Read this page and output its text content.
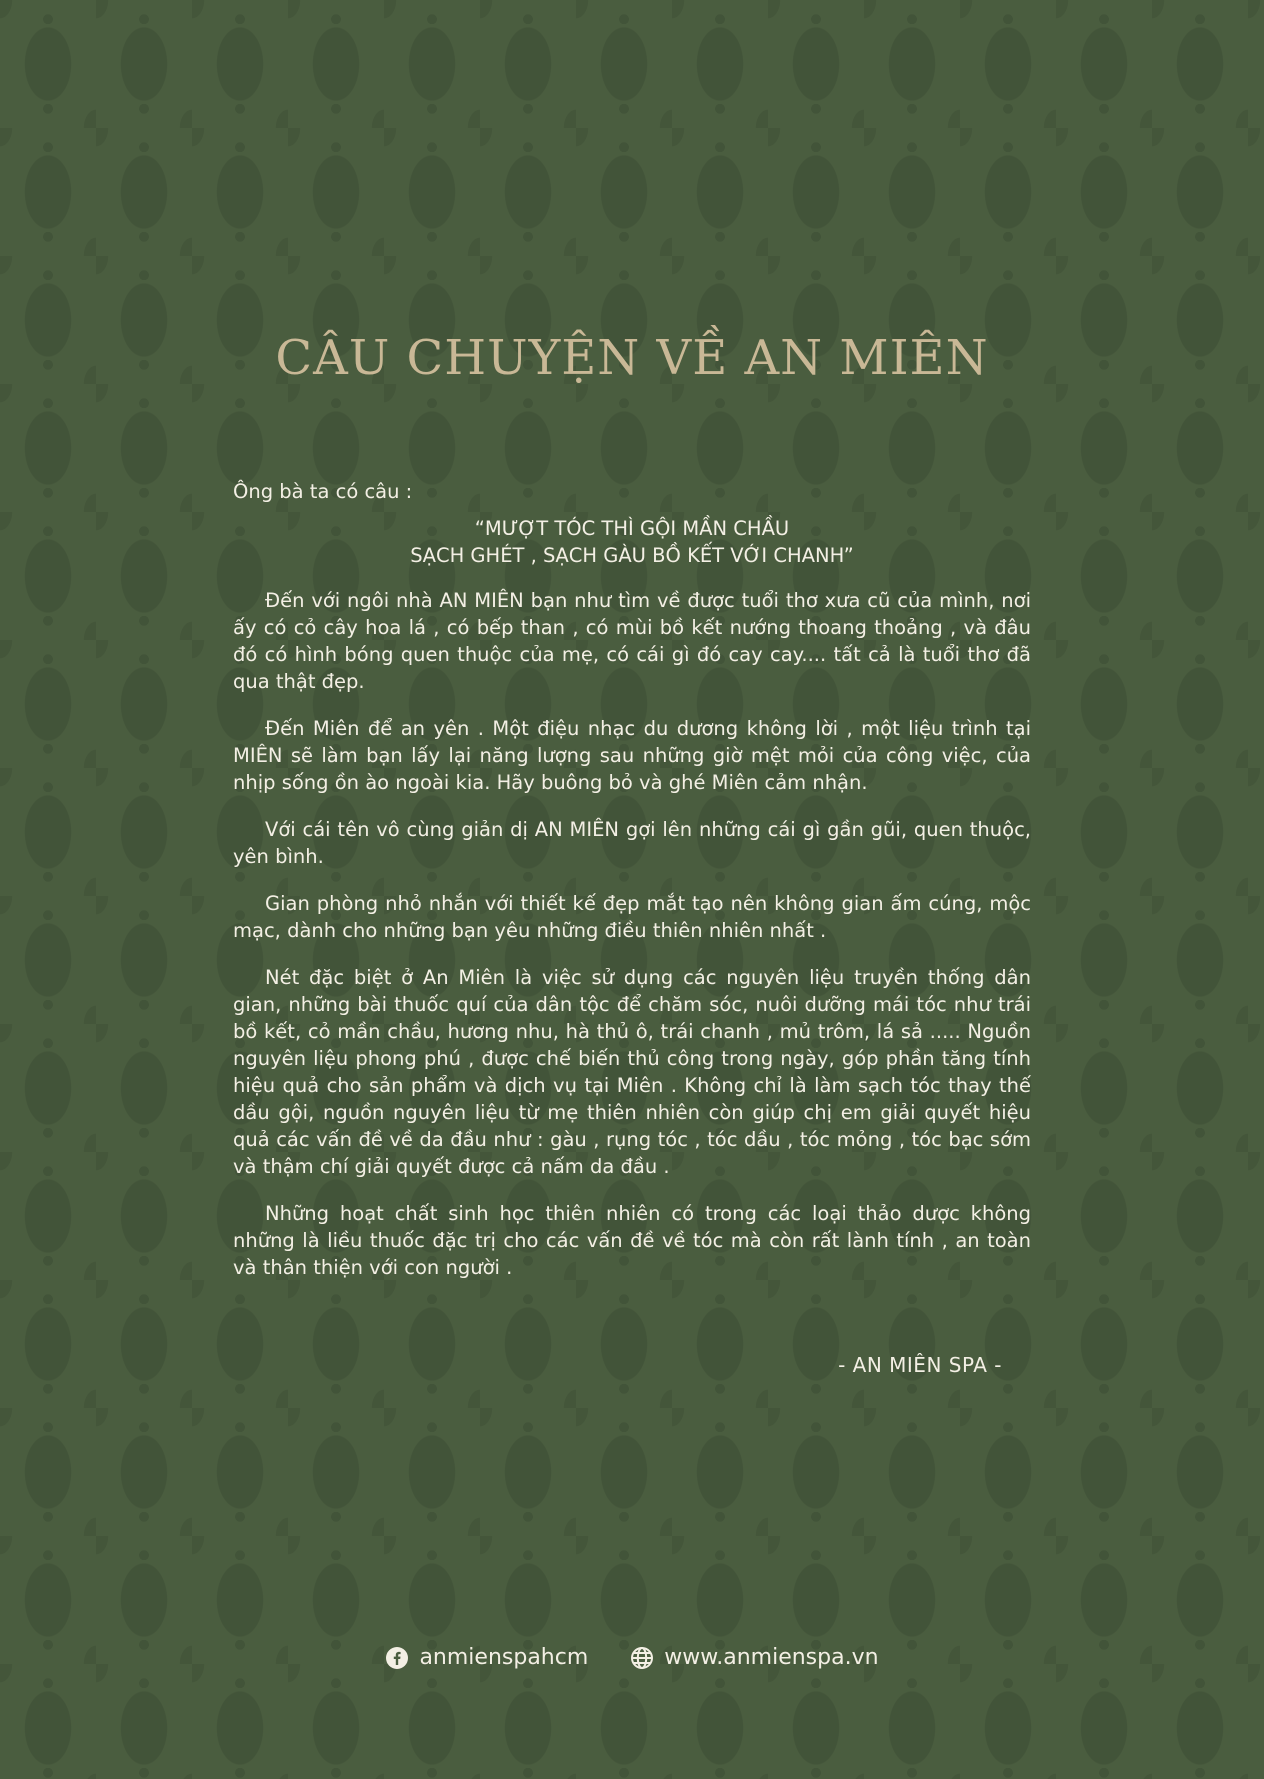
CÂU CHUYỆN VỀ AN MIÊN

Ông bà ta có câu :

“MƯỢT TÓC THÌ GỘI MẦN CHẦU
SẠCH GHÉT , SẠCH GÀU BỒ KẾT VỚI CHANH”

Đến với ngôi nhà AN MIÊN bạn như tìm về được tuổi thơ xưa cũ của mình, nơi ấy có cỏ cây hoa lá , có bếp than , có mùi bồ kết nướng thoang thoảng , và đâu đó có hình bóng quen thuộc của mẹ, có cái gì đó cay cay.... tất cả là tuổi thơ đã qua thật đẹp.

Đến Miên để an yên . Một điệu nhạc du dương không lời , một liệu trình tại MIÊN sẽ làm bạn lấy lại năng lượng sau những giờ mệt mỏi của công việc, của nhịp sống ồn ào ngoài kia. Hãy buông bỏ và ghé Miên cảm nhận.

Với cái tên vô cùng giản dị AN MIÊN gợi lên những cái gì gần gũi, quen thuộc, yên bình.

Gian phòng nhỏ nhắn với thiết kế đẹp mắt tạo nên không gian ấm cúng, mộc mạc, dành cho những bạn yêu những điều thiên nhiên nhất .

Nét đặc biệt ở An Miên là việc sử dụng các nguyên liệu truyền thống dân gian, những bài thuốc quí của dân tộc để chăm sóc, nuôi dưỡng mái tóc như trái bồ kết, cỏ mần chầu, hương nhu, hà thủ ô, trái chanh , mủ trôm, lá sả ..... Nguồn nguyên liệu phong phú , được chế biến thủ công trong ngày, góp phần tăng tính hiệu quả cho sản phẩm và dịch vụ tại Miên . Không chỉ là làm sạch tóc thay thế dầu gội, nguồn nguyên liệu từ mẹ thiên nhiên còn giúp chị em giải quyết hiệu quả các vấn đề về da đầu như : gàu , rụng tóc , tóc dầu , tóc mỏng , tóc bạc sớm và thậm chí giải quyết được cả nấm da đầu .

Những hoạt chất sinh học thiên nhiên có trong các loại thảo dược không những là liều thuốc đặc trị cho các vấn đề về tóc mà còn rất lành tính , an toàn và thân thiện với con người .

- AN MIÊN SPA -
anmienspahcm	www.anmienspa.vn
